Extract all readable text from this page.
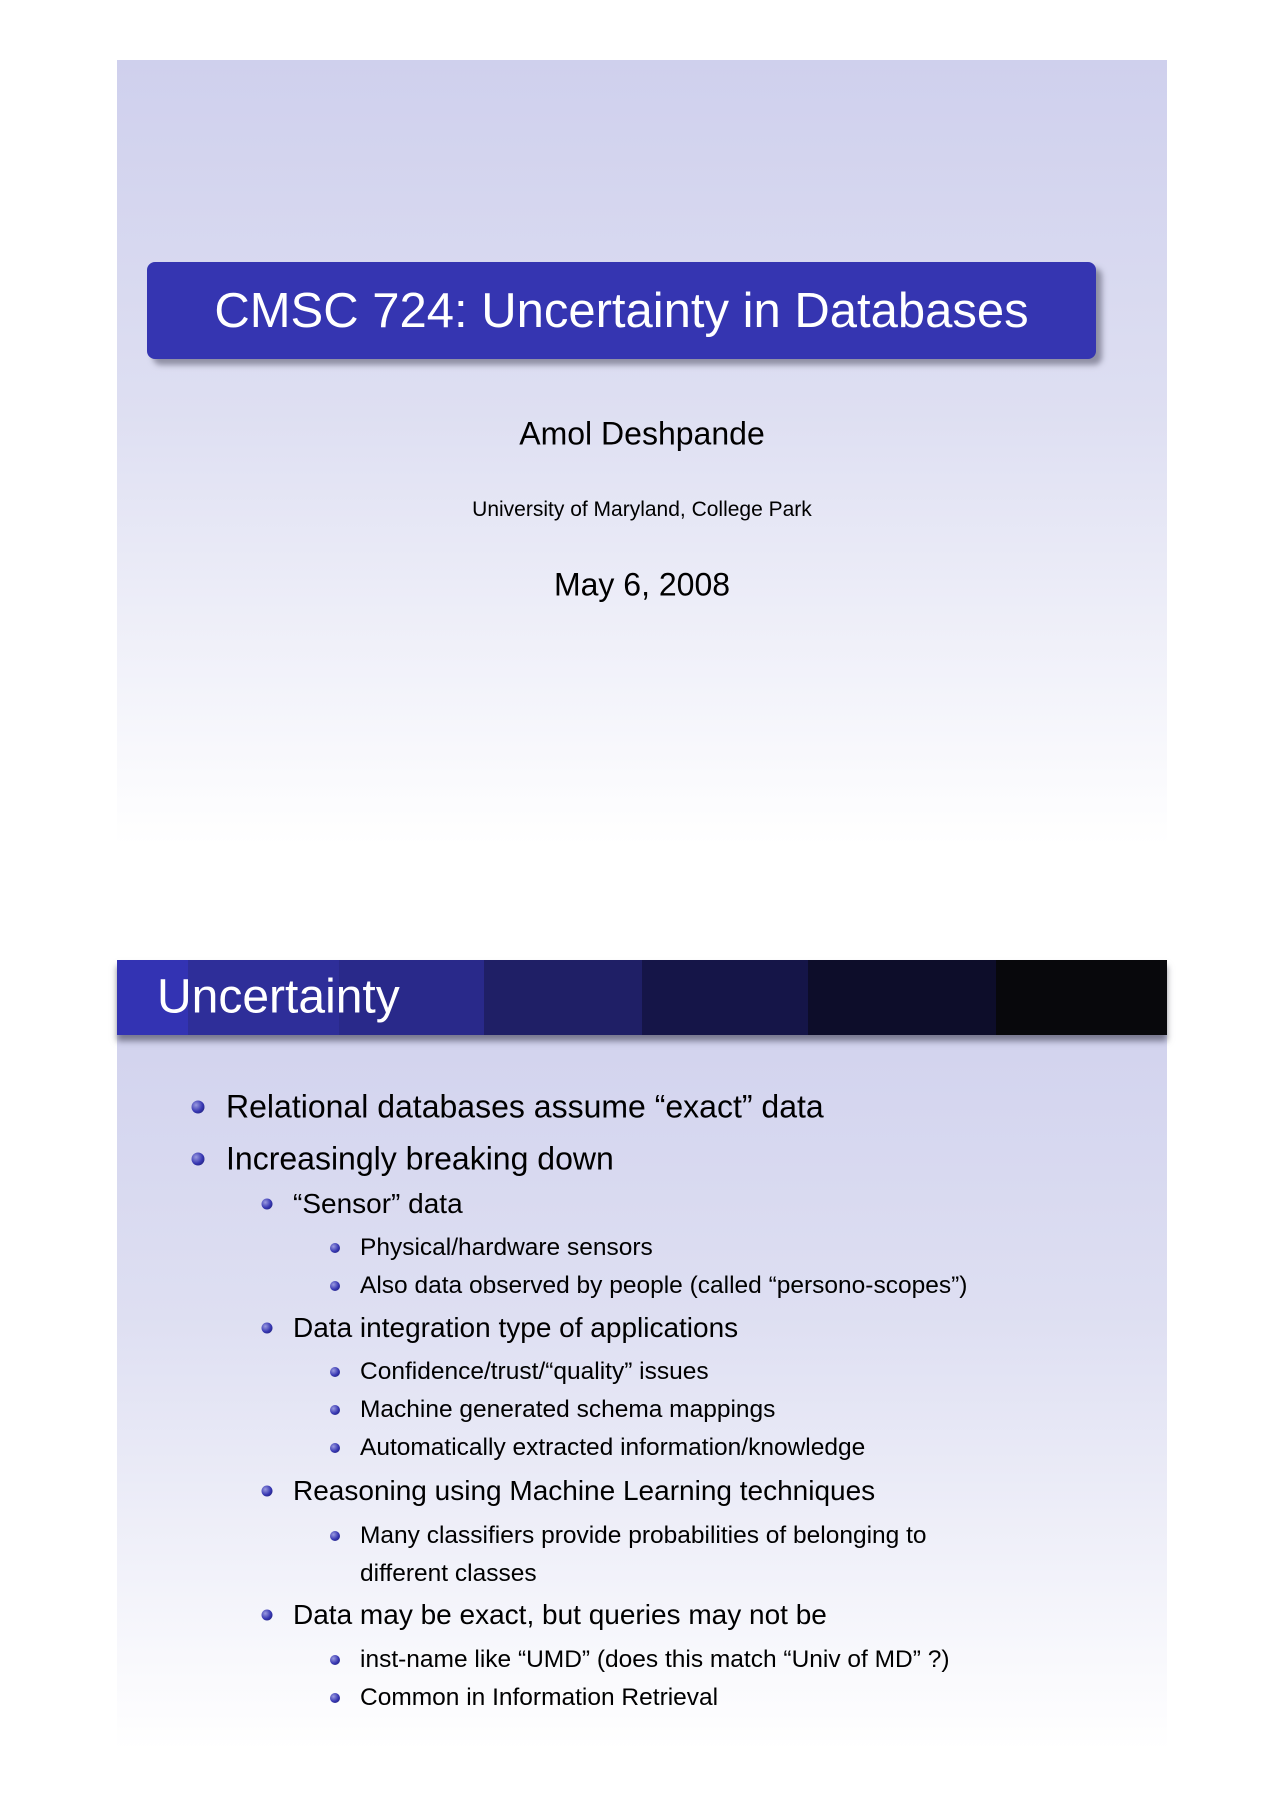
CMSC 724: Uncertainty in Databases
Amol Deshpande
University of Maryland, College Park
May 6, 2008
Uncertainty
Relational databases assume “exact” data
Increasingly breaking down
“Sensor” data
Physical/hardware sensors
Also data observed by people (called “persono-scopes”)
Data integration type of applications
Confidence/trust/“quality” issues
Machine generated schema mappings
Automatically extracted information/knowledge
Reasoning using Machine Learning techniques
Many classifiers provide probabilities of belonging to
different classes
Data may be exact, but queries may not be
inst-name like “UMD” (does this match “Univ of MD” ?)
Common in Information Retrieval
